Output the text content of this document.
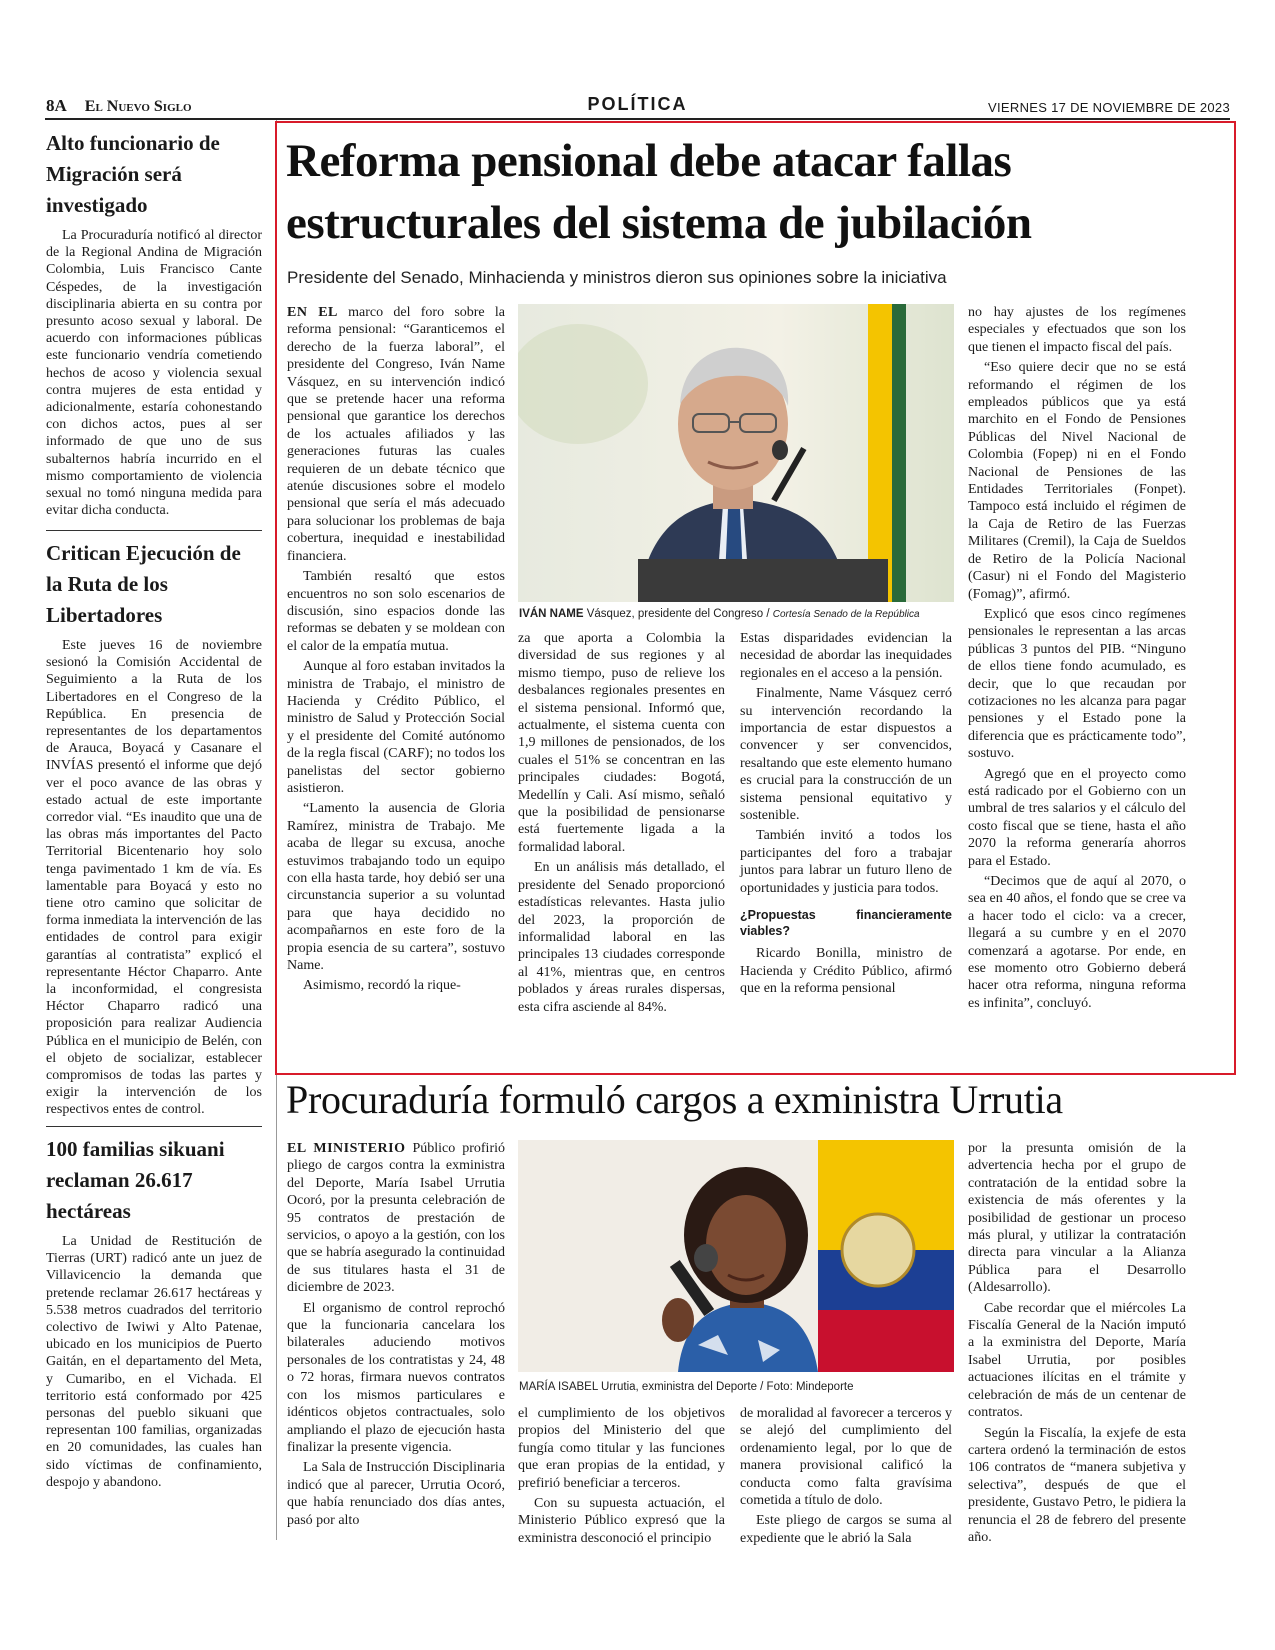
8A El Nuevo Siglo	POLÍTICA	VIERNES 17 DE NOVIEMBRE DE 2023
Alto funcionario de Migración será investigado

La Procuraduría notificó al director de la Regional Andina de Migración Colombia, Luis Francisco Cante Céspedes, de la investigación disciplinaria abierta en su contra por presunto acoso sexual y laboral. De acuerdo con informaciones públicas este funcionario vendría cometiendo hechos de acoso y violencia sexual contra mujeres de esta entidad y adicionalmente, estaría cohonestando con dichos actos, pues al ser informado de que uno de sus subalternos habría incurrido en el mismo comportamiento de violencia sexual no tomó ninguna medida para evitar dicha conducta.

Critican Ejecución de la Ruta de los Libertadores

Este jueves 16 de noviembre sesionó la Comisión Accidental de Seguimiento a la Ruta de los Libertadores en el Congreso de la República. En presencia de representantes de los departamentos de Arauca, Boyacá y Casanare el INVÍAS presentó el informe que dejó ver el poco avance de las obras y estado actual de este importante corredor vial. “Es inaudito que una de las obras más importantes del Pacto Territorial Bicentenario hoy solo tenga pavimentado 1 km de vía. Es lamentable para Boyacá y esto no tiene otro camino que solicitar de forma inmediata la intervención de las entidades de control para exigir garantías al contratista” explicó el representante Héctor Chaparro. Ante la inconformidad, el congresista Héctor Chaparro radicó una proposición para realizar Audiencia Pública en el municipio de Belén, con el objeto de socializar, establecer compromisos de todas las partes y exigir la intervención de los respectivos entes de control.

100 familias sikuani reclaman 26.617 hectáreas

La Unidad de Restitución de Tierras (URT) radicó ante un juez de Villavicencio la demanda que pretende reclamar 26.617 hectáreas y 5.538 metros cuadrados del territorio colectivo de Iwiwi y Alto Patenae, ubicado en los municipios de Puerto Gaitán, en el departamento del Meta, y Cumaribo, en el Vichada. El territorio está conformado por 425 personas del pueblo sikuani que representan 100 familias, organizadas en 20 comunidades, las cuales han sido víctimas de confinamiento, despojo y abandono.

Reforma pensional debe atacar fallas estructurales del sistema de jubilación
Presidente del Senado, Minhacienda y ministros dieron sus opiniones sobre la iniciativa

EN EL marco del foro sobre la reforma pensional: “Garanticemos el derecho de la fuerza laboral”, el presidente del Congreso, Iván Name Vásquez, en su intervención indicó que se pretende hacer una reforma pensional que garantice los derechos de los actuales afiliados y las generaciones futuras las cuales requieren de un debate técnico que atenúe discusiones sobre el modelo pensional que sería el más adecuado para solucionar los problemas de baja cobertura, inequidad e inestabilidad financiera.

También resaltó que estos encuentros no son solo escenarios de discusión, sino espacios donde las reformas se debaten y se moldean con el calor de la empatía mutua.

Aunque al foro estaban invitados la ministra de Trabajo, el ministro de Hacienda y Crédito Público, el ministro de Salud y Protección Social y el presidente del Comité autónomo de la regla fiscal (CARF); no todos los panelistas del sector gobierno asistieron.

“Lamento la ausencia de Gloria Ramírez, ministra de Trabajo. Me acaba de llegar su excusa, anoche estuvimos trabajando todo un equipo con ella hasta tarde, hoy debió ser una circunstancia superior a su voluntad para que haya decidido no acompañarnos en este foro de la propia esencia de su cartera”, sostuvo Name.

Asimismo, recordó la rique-

IVÁN NAME Vásquez, presidente del Congreso / Cortesía Senado de la República

za que aporta a Colombia la diversidad de sus regiones y al mismo tiempo, puso de relieve los desbalances regionales presentes en el sistema pensional. Informó que, actualmente, el sistema cuenta con 1,9 millones de pensionados, de los cuales el 51% se concentran en las principales ciudades: Bogotá, Medellín y Cali. Así mismo, señaló que la posibilidad de pensionarse está fuertemente ligada a la formalidad laboral.

En un análisis más detallado, el presidente del Senado proporcionó estadísticas relevantes. Hasta julio del 2023, la proporción de informalidad laboral en las principales 13 ciudades corresponde al 41%, mientras que, en centros poblados y áreas rurales dispersas, esta cifra asciende al 84%.

Estas disparidades evidencian la necesidad de abordar las inequidades regionales en el acceso a la pensión.

Finalmente, Name Vásquez cerró su intervención recordando la importancia de estar dispuestos a convencer y ser convencidos, resaltando que este elemento humano es crucial para la construcción de un sistema pensional equitativo y sostenible.

También invitó a todos los participantes del foro a trabajar juntos para labrar un futuro lleno de oportunidades y justicia para todos.

¿Propuestas financieramente viables?

Ricardo Bonilla, ministro de Hacienda y Crédito Público, afirmó que en la reforma pensional

no hay ajustes de los regímenes especiales y efectuados que son los que tienen el impacto fiscal del país.

“Eso quiere decir que no se está reformando el régimen de los empleados públicos que ya está marchito en el Fondo de Pensiones Públicas del Nivel Nacional de Colombia (Fopep) ni en el Fondo Nacional de Pensiones de las Entidades Territoriales (Fonpet). Tampoco está incluido el régimen de la Caja de Retiro de las Fuerzas Militares (Cremil), la Caja de Sueldos de Retiro de la Policía Nacional (Casur) ni el Fondo del Magisterio (Fomag)”, afirmó.

Explicó que esos cinco regímenes pensionales le representan a las arcas públicas 3 puntos del PIB. “Ninguno de ellos tiene fondo acumulado, es decir, que lo que recaudan por cotizaciones no les alcanza para pagar pensiones y el Estado pone la diferencia que es prácticamente todo”, sostuvo.

Agregó que en el proyecto como está radicado por el Gobierno con un umbral de tres salarios y el cálculo del costo fiscal que se tiene, hasta el año 2070 la reforma generaría ahorros para el Estado.

“Decimos que de aquí al 2070, o sea en 40 años, el fondo que se cree va a hacer todo el ciclo: va a crecer, llegará a su cumbre y en el 2070 comenzará a agotarse. Por ende, en ese momento otro Gobierno deberá hacer otra reforma, ninguna reforma es infinita”, concluyó.

Procuraduría formuló cargos a exministra Urrutia

EL MINISTERIO Público profirió pliego de cargos contra la exministra del Deporte, María Isabel Urrutia Ocoró, por la presunta celebración de 95 contratos de prestación de servicios, o apoyo a la gestión, con los que se habría asegurado la continuidad de sus titulares hasta el 31 de diciembre de 2023.

El organismo de control reprochó que la funcionaria cancelara los bilaterales aduciendo motivos personales de los contratistas y 24, 48 o 72 horas, firmara nuevos contratos con los mismos particulares e idénticos objetos contractuales, solo ampliando el plazo de ejecución hasta finalizar la presente vigencia.

La Sala de Instrucción Disciplinaria indicó que al parecer, Urrutia Ocoró, que había renunciado dos días antes, pasó por alto

MARÍA ISABEL Urrutia, exministra del Deporte / Foto: Mindeporte

el cumplimiento de los objetivos propios del Ministerio del que fungía como titular y las funciones que eran propias de la entidad, y prefirió beneficiar a terceros.

Con su supuesta actuación, el Ministerio Público expresó que la exministra desconoció el principio

de moralidad al favorecer a terceros y se alejó del cumplimiento del ordenamiento legal, por lo que de manera provisional calificó la conducta como falta gravísima cometida a título de dolo.

Este pliego de cargos se suma al expediente que le abrió la Sala

por la presunta omisión de la advertencia hecha por el grupo de contratación de la entidad sobre la existencia de más oferentes y la posibilidad de gestionar un proceso más plural, y utilizar la contratación directa para vincular a la Alianza Pública para el Desarrollo (Aldesarrollo).

Cabe recordar que el miércoles La Fiscalía General de la Nación imputó a la exministra del Deporte, María Isabel Urrutia, por posibles actuaciones ilícitas en el trámite y celebración de más de un centenar de contratos.

Según la Fiscalía, la exjefe de esta cartera ordenó la terminación de estos 106 contratos de “manera subjetiva y selectiva”, después de que el presidente, Gustavo Petro, le pidiera la renuncia el 28 de febrero del presente año.
